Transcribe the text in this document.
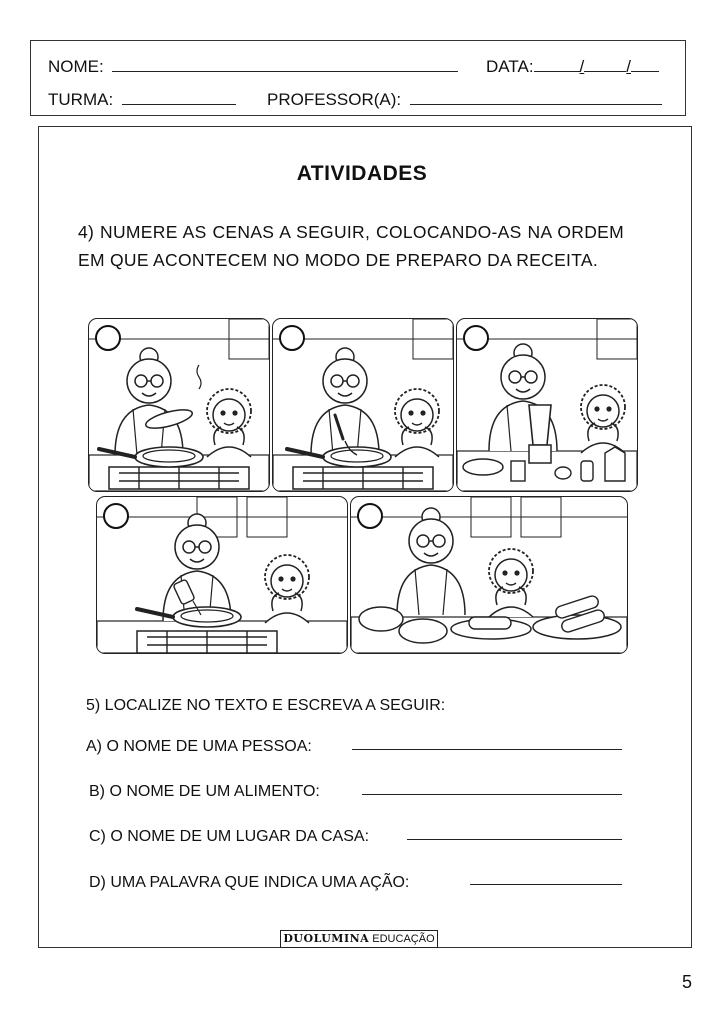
NOME:	DATA:	/ /
TURMA:	PROFESSOR(A):
ATIVIDADES
4) NUMERE AS CENAS A SEGUIR, COLOCANDO-AS NA ORDEM EM QUE ACONTECEM NO MODO DE PREPARO DA RECEITA.
5) LOCALIZE NO TEXTO E ESCREVA A SEGUIR:
A) O NOME DE UMA PESSOA:
B) O NOME DE UM ALIMENTO:
C) O NOME DE UM LUGAR DA CASA:
D) UMA PALAVRA QUE INDICA UMA AÇÃO:
DUOLUMINA EDUCAÇÃO
5
